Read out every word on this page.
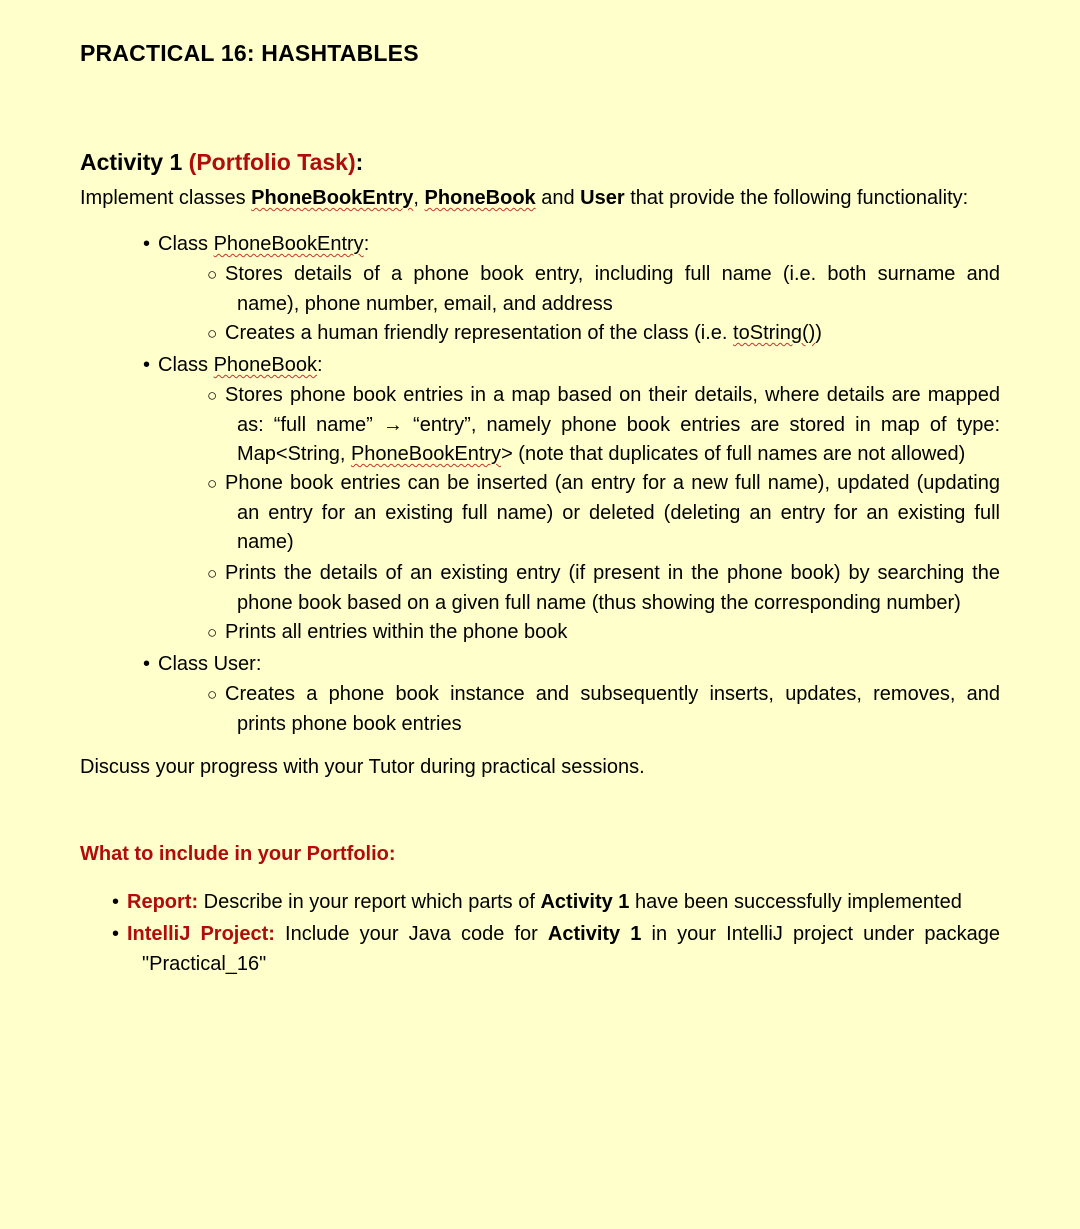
PRACTICAL 16: HASHTABLES
Activity 1 (Portfolio Task):
Implement classes PhoneBookEntry, PhoneBook and User that provide the following functionality:
• Class PhoneBookEntry:
○ Stores details of a phone book entry, including full name (i.e. both surname and
name), phone number, email, and address
○ Creates a human friendly representation of the class (i.e. toString())
• Class PhoneBook:
○ Stores phone book entries in a map based on their details, where details are mapped
as: “full name” → “entry”, namely phone book entries are stored in map of type:
Map<String, PhoneBookEntry> (note that duplicates of full names are not allowed)
○ Phone book entries can be inserted (an entry for a new full name), updated (updating
an entry for an existing full name) or deleted (deleting an entry for an existing full
name)
○ Prints the details of an existing entry (if present in the phone book) by searching the
phone book based on a given full name (thus showing the corresponding number)
○ Prints all entries within the phone book
• Class User:
○ Creates a phone book instance and subsequently inserts, updates, removes, and
prints phone book entries
Discuss your progress with your Tutor during practical sessions.
What to include in your Portfolio:
• Report: Describe in your report which parts of Activity 1 have been successfully implemented
• IntelliJ Project: Include your Java code for Activity 1 in your IntelliJ project under package
"Practical_16"
